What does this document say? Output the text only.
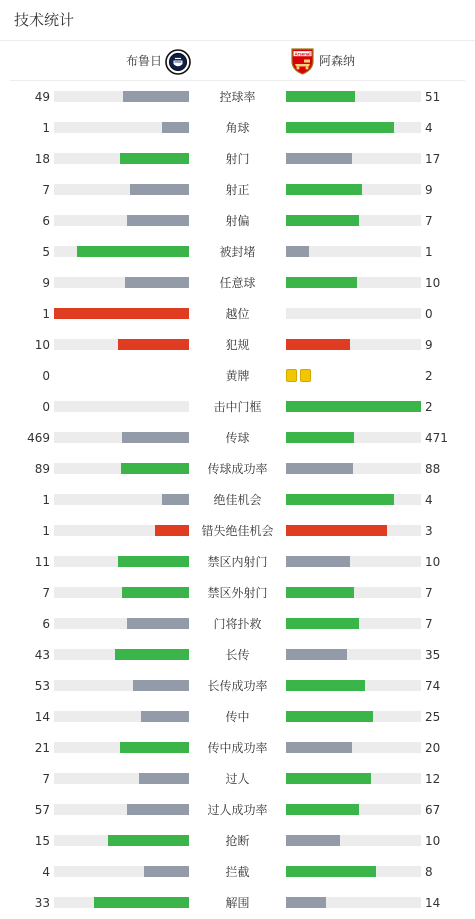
技术统计
布鲁日
Arsenal
阿森纳
49	控球率	51
1	角球	4
18	射门	17
7	射正	9
6	射偏	7
5	被封堵	1
9	任意球	10
1	越位	0
10	犯规	9
0	黄牌	2
0	击中门框	2
469	传球	471
89	传球成功率	88
1	绝佳机会	4
1	错失绝佳机会	3
11	禁区内射门	10
7	禁区外射门	7
6	门将扑救	7
43	长传	35
53	长传成功率	74
14	传中	25
21	传中成功率	20
7	过人	12
57	过人成功率	67
15	抢断	10
4	拦截	8
33	解围	14
